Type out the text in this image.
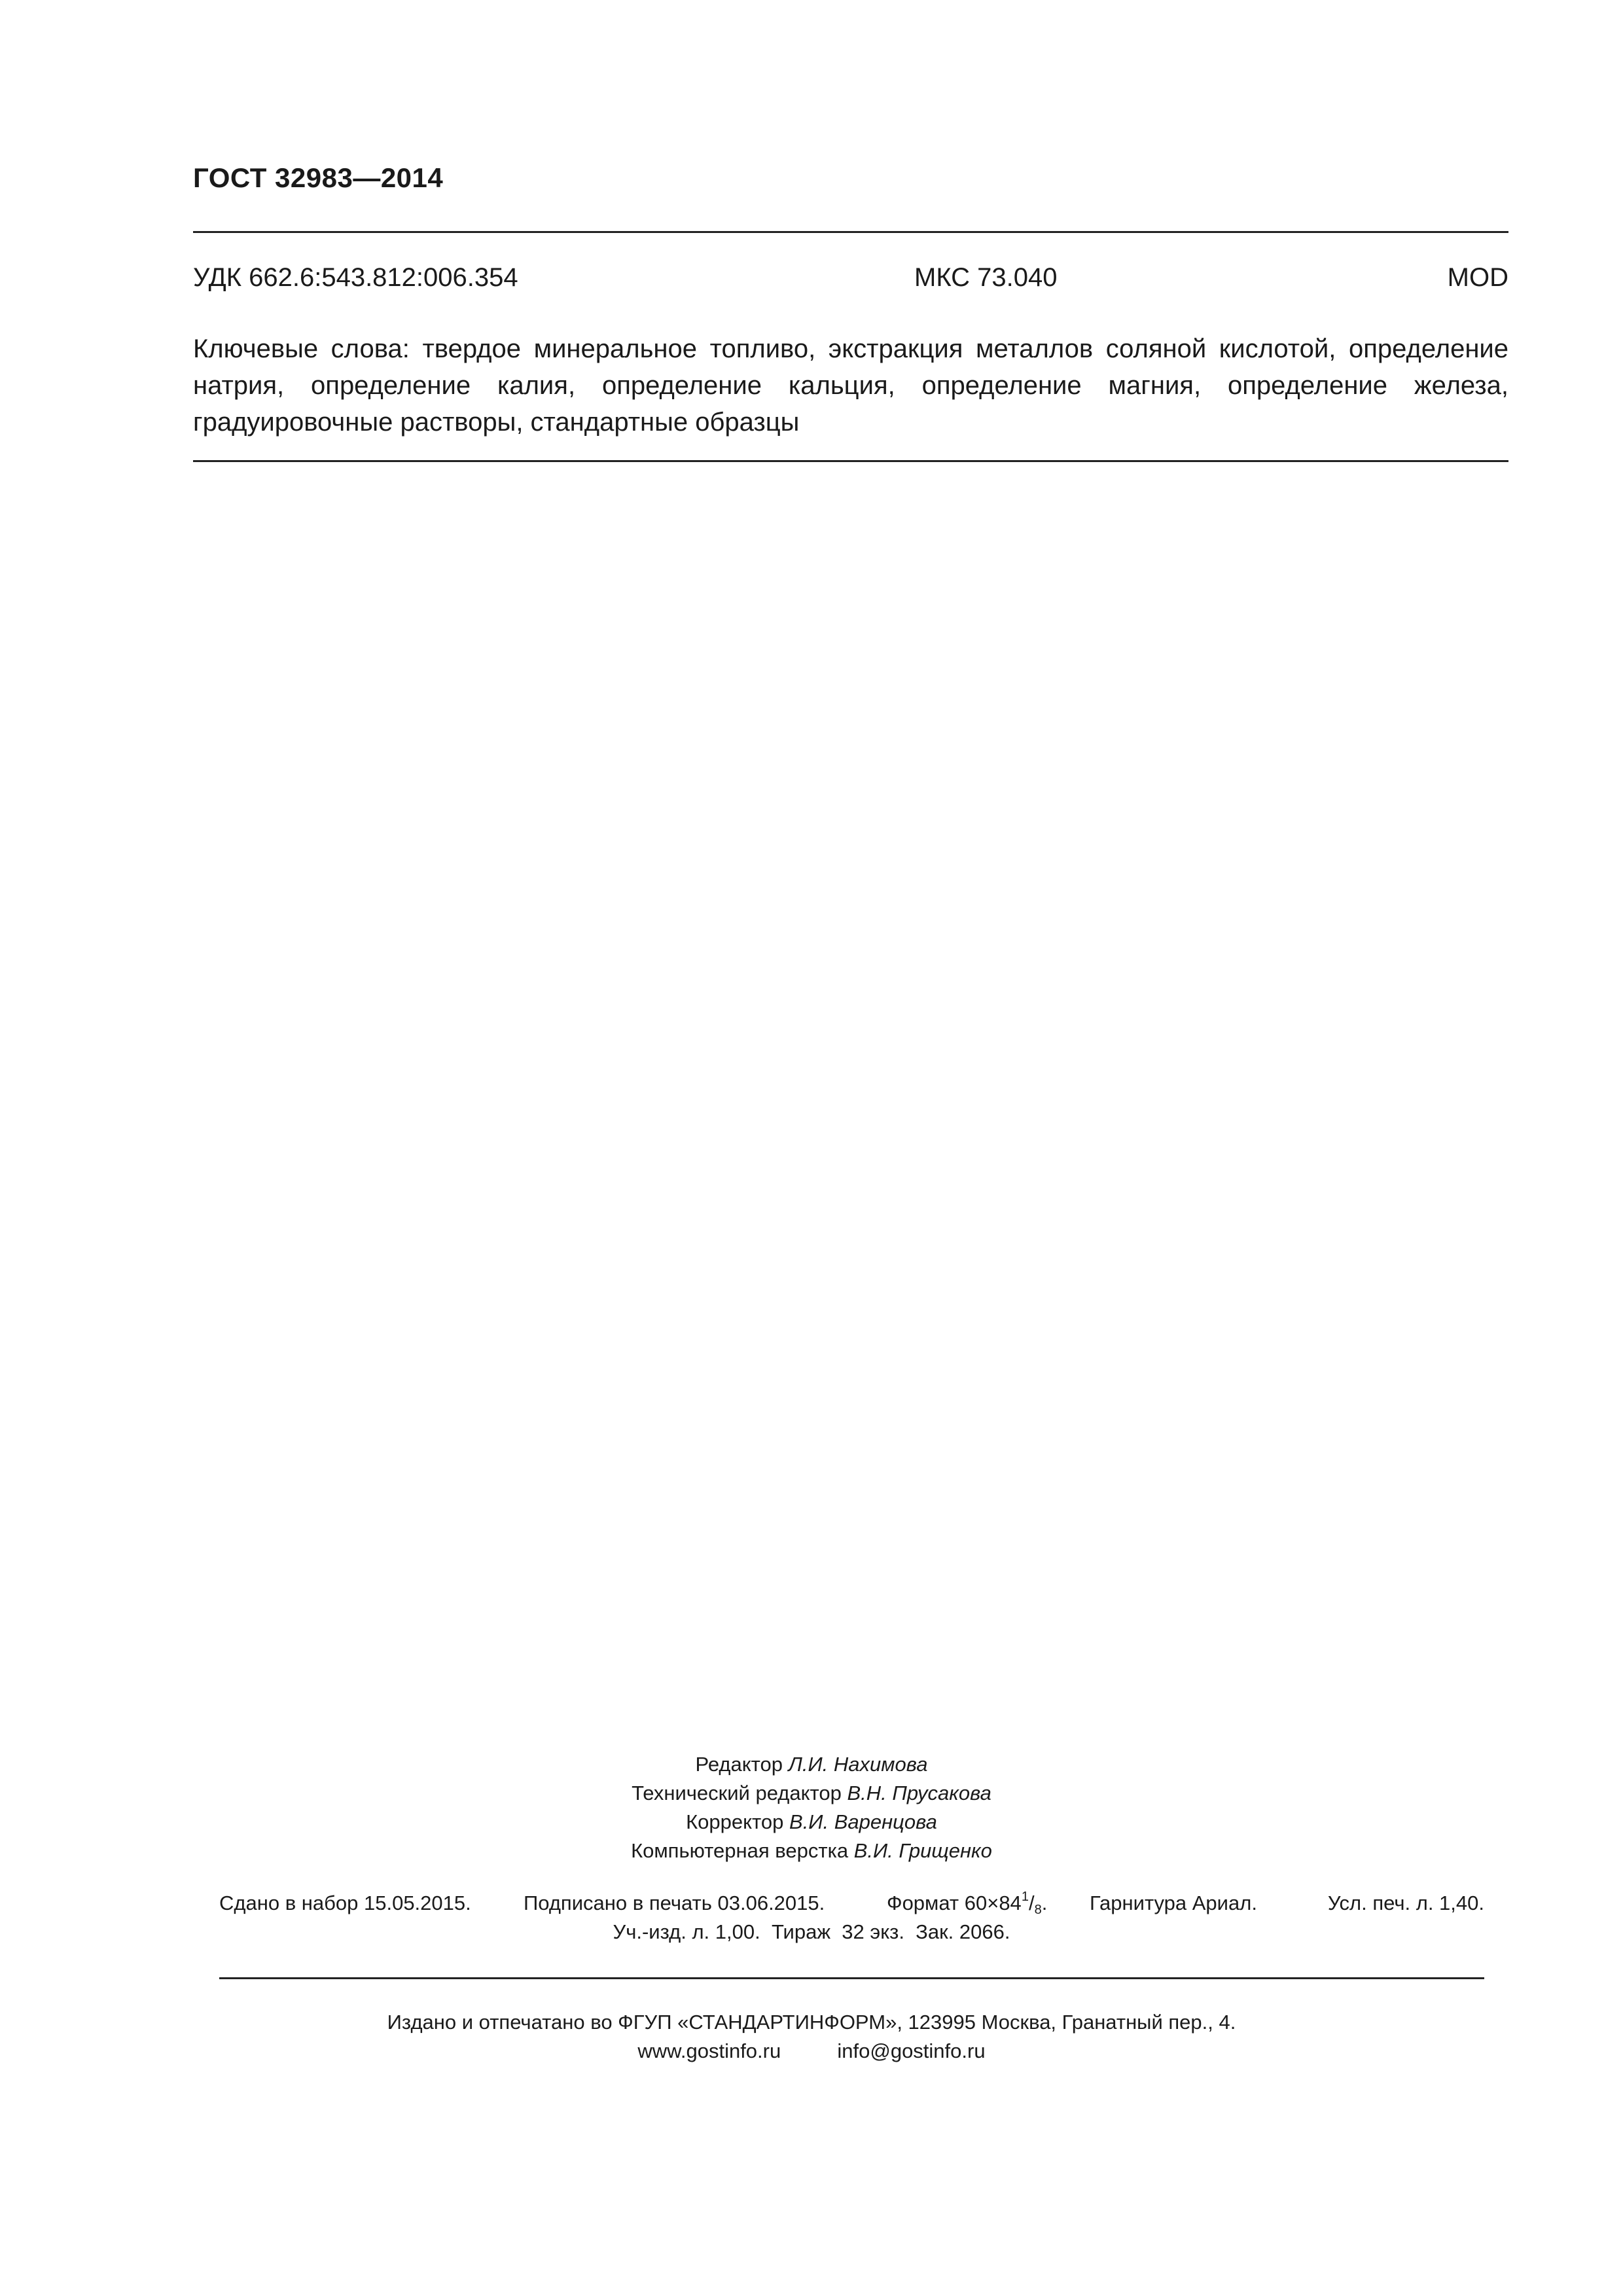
ГОСТ 32983—2014
УДК 662.6:543.812:006.354	МКС 73.040	MOD
Ключевые слова: твердое минеральное топливо, экстракция металлов соляной кислотой, определение натрия, определение калия, определение кальция, определение магния, определение железа, градуировочные растворы, стандартные образцы
Редактор Л.И. Нахимова
Технический редактор В.Н. Прусакова
Корректор В.И. Варенцова
Компьютерная верстка В.И. Грищенко
Сдано в набор 15.05.2015.	Подписано в печать 03.06.2015.	Формат $60\times 84^1/_8$. Гарнитура Ариал.	Усл. печ. л. 1,40.
Уч.-изд. л. 1,00.  Тираж  32 экз.  Зак. 2066.
Издано и отпечатано во ФГУП «СТАНДАРТИНФОРМ», 123995 Москва, Гранатный пер., 4.
www.gostinfo.ru	info@gostinfo.ru
